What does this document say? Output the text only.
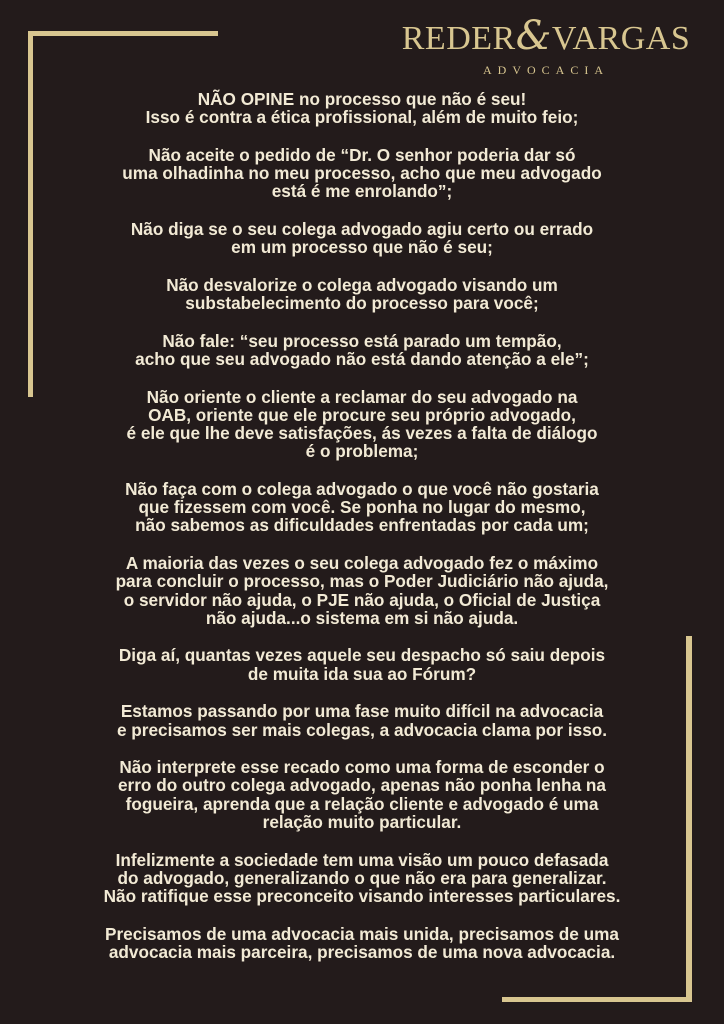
REDER&VARGAS
ADVOCACIA
NÃO OPINE no processo que não é seu!
Isso é contra a ética profissional, além de muito feio;
Não aceite o pedido de “Dr. O senhor poderia dar só
uma olhadinha no meu processo, acho que meu advogado
está é me enrolando”;
Não diga se o seu colega advogado agiu certo ou errado
em um processo que não é seu;
Não desvalorize o colega advogado visando um
substabelecimento do processo para você;
Não fale: “seu processo está parado um tempão,
acho que seu advogado não está dando atenção a ele”;
Não oriente o cliente a reclamar do seu advogado na
OAB, oriente que ele procure seu próprio advogado,
é ele que lhe deve satisfações, ás vezes a falta de diálogo
é o problema;
Não faça com o colega advogado o que você não gostaria
que fizessem com você. Se ponha no lugar do mesmo,
não sabemos as dificuldades enfrentadas por cada um;
A maioria das vezes o seu colega advogado fez o máximo
para concluir o processo, mas o Poder Judiciário não ajuda,
o servidor não ajuda, o PJE não ajuda, o Oficial de Justiça
não ajuda...o sistema em si não ajuda.
Diga aí, quantas vezes aquele seu despacho só saiu depois
de muita ida sua ao Fórum?
Estamos passando por uma fase muito difícil na advocacia
e precisamos ser mais colegas, a advocacia clama por isso.
Não interprete esse recado como uma forma de esconder o
erro do outro colega advogado, apenas não ponha lenha na
fogueira, aprenda que a relação cliente e advogado é uma
relação muito particular.
Infelizmente a sociedade tem uma visão um pouco defasada
do advogado, generalizando o que não era para generalizar.
Não ratifique esse preconceito visando interesses particulares.
Precisamos de uma advocacia mais unida, precisamos de uma
advocacia mais parceira, precisamos de uma nova advocacia.
